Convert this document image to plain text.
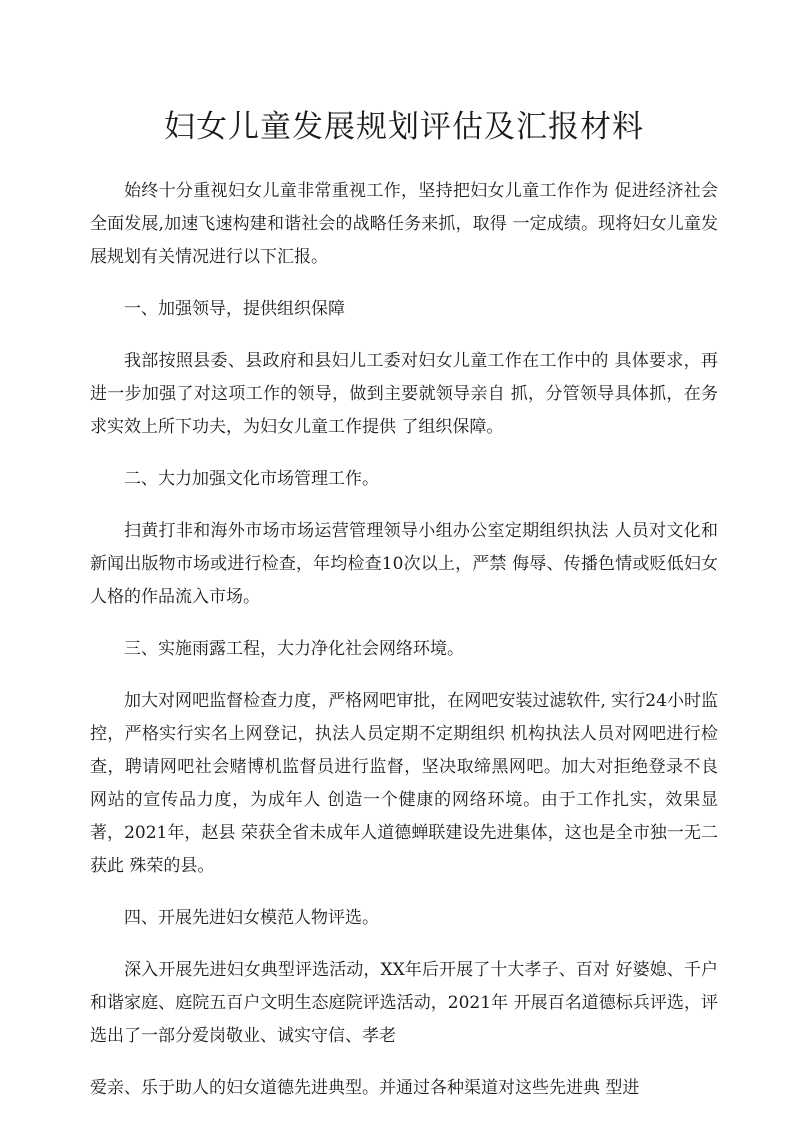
妇女儿童发展规划评估及汇报材料

始终十分重视妇女儿童非常重视工作，坚持把妇女儿童工作作为 促进经济社会全面发展,加速飞速构建和谐社会的战略任务来抓，取得 一定成绩。现将妇女儿童发展规划有关情况进行以下汇报。

一、加强领导，提供组织保障

我部按照县委、县政府和县妇儿工委对妇女儿童工作在工作中的 具体要求，再进一步加强了对这项工作的领导，做到主要就领导亲自 抓，分管领导具体抓，在务求实效上所下功夫，为妇女儿童工作提供 了组织保障。

二、大力加强文化市场管理工作。

扫黄打非和海外市场市场运营管理领导小组办公室定期组织执法 人员对文化和新闻出版物市场或进行检查，年均检查10次以上，严禁 侮辱、传播色情或贬低妇女人格的作品流入市场。

三、实施雨露工程，大力净化社会网络环境。

加大对网吧监督检查力度，严格网吧审批，在网吧安装过滤软件, 实行24小时监控，严格实行实名上网登记，执法人员定期不定期组织 机构执法人员对网吧进行检查，聘请网吧社会赌博机监督员进行监督，坚决取缔黑网吧。加大对拒绝登录不良网站的宣传品力度，为成年人 创造一个健康的网络环境。由于工作扎实，效果显著，2021年，赵县 荣获全省未成年人道德蝉联建设先进集体，这也是全市独一无二获此 殊荣的县。

四、开展先进妇女模范人物评选。

深入开展先进妇女典型评选活动，XX年后开展了十大孝子、百对 好婆媳、千户和谐家庭、庭院五百户文明生态庭院评选活动，2021年 开展百名道德标兵评选，评选出了一部分爱岗敬业、诚实守信、孝老

爱亲、乐于助人的妇女道德先进典型。并通过各种渠道对这些先进典 型进
